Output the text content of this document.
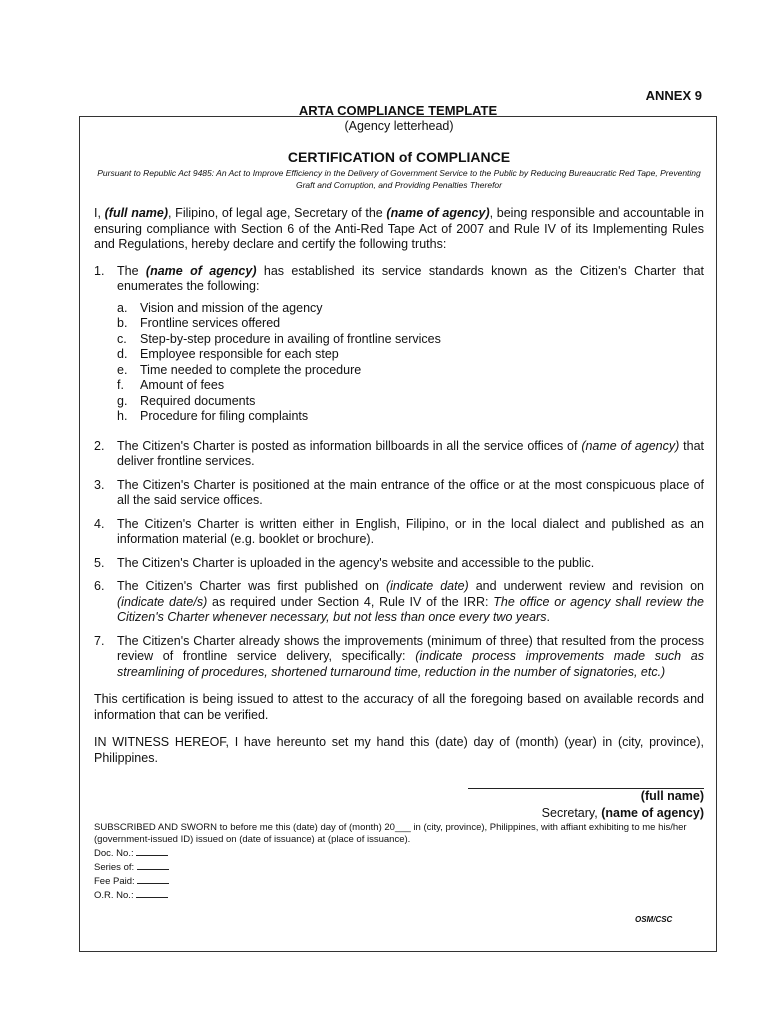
ANNEX 9
ARTA COMPLIANCE TEMPLATE
(Agency letterhead)
CERTIFICATION of COMPLIANCE
Pursuant to Republic Act 9485: An Act to Improve Efficiency in the Delivery of Government Service to the Public by Reducing Bureaucratic Red Tape, Preventing Graft and Corruption, and Providing Penalties Therefor

I, (full name), Filipino, of legal age, Secretary of the (name of agency), being responsible and accountable in ensuring compliance with Section 6 of the Anti-Red Tape Act of 2007 and Rule IV of its Implementing Rules and Regulations, hereby declare and certify the following truths:

1. The (name of agency) has established its service standards known as the Citizen's Charter that enumerates the following:
a. Vision and mission of the agency
b. Frontline services offered
c. Step-by-step procedure in availing of frontline services
d. Employee responsible for each step
e. Time needed to complete the procedure
f. Amount of fees
g. Required documents
h. Procedure for filing complaints
2. The Citizen's Charter is posted as information billboards in all the service offices of (name of agency) that deliver frontline services.
3. The Citizen's Charter is positioned at the main entrance of the office or at the most conspicuous place of all the said service offices.
4. The Citizen's Charter is written either in English, Filipino, or in the local dialect and published as an information material (e.g. booklet or brochure).
5. The Citizen's Charter is uploaded in the agency's website and accessible to the public.
6. The Citizen's Charter was first published on (indicate date) and underwent review and revision on (indicate date/s) as required under Section 4, Rule IV of the IRR: The office or agency shall review the Citizen's Charter whenever necessary, but not less than once every two years.
7. The Citizen's Charter already shows the improvements (minimum of three) that resulted from the process review of frontline service delivery, specifically: (indicate process improvements made such as streamlining of procedures, shortened turnaround time, reduction in the number of signatories, etc.)

This certification is being issued to attest to the accuracy of all the foregoing based on available records and information that can be verified.

IN WITNESS HEREOF, I have hereunto set my hand this (date) day of (month) (year) in (city, province), Philippines.

(full name)
Secretary, (name of agency)
SUBSCRIBED AND SWORN to before me this (date) day of (month) 20___ in (city, province), Philippines, with affiant exhibiting to me his/her (government-issued ID) issued on (date of issuance) at (place of issuance).
Doc. No.:
Series of:
Fee Paid:
O.R. No.:
OSM/CSC
